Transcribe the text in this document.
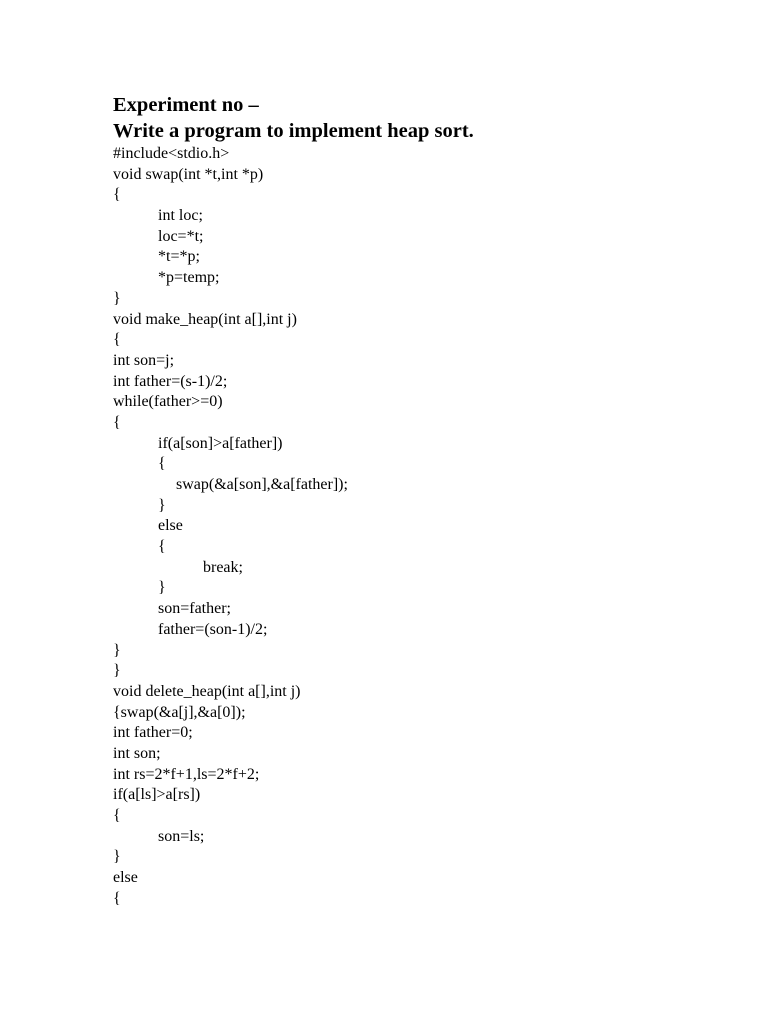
Experiment no –
Write a program to implement heap sort.
#include<stdio.h>
void swap(int *t,int *p)
{
int loc;
loc=*t;
*t=*p;
*p=temp;
}
void make_heap(int a[],int j)
{
int son=j;
int father=(s-1)/2;
while(father>=0)
{
if(a[son]>a[father])
{
swap(&a[son],&a[father]);
}
else
{
break;
}
son=father;
father=(son-1)/2;
}
}
void delete_heap(int a[],int j)
{swap(&a[j],&a[0]);
int father=0;
int son;
int rs=2*f+1,ls=2*f+2;
if(a[ls]>a[rs])
{
son=ls;
}
else
{
